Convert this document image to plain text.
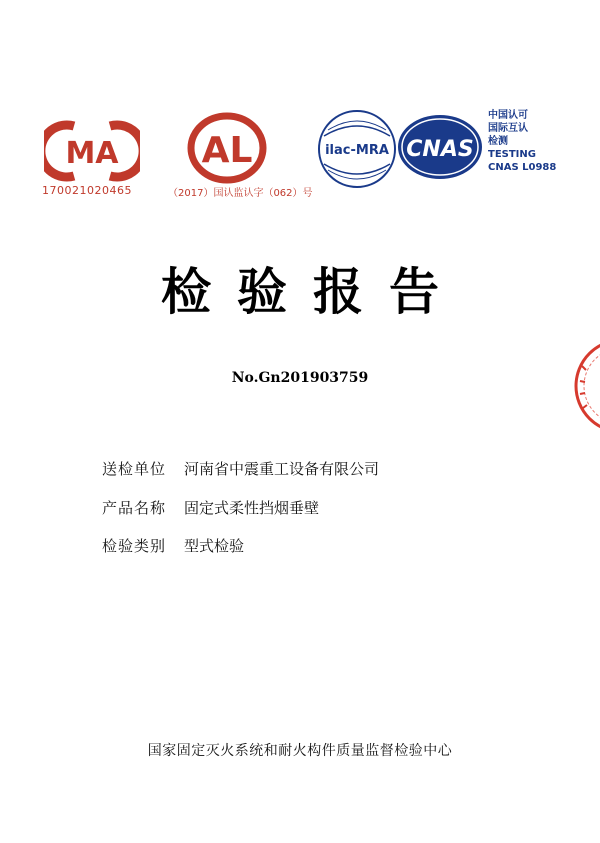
MA
170021020465
AL
（2017）国认监认字（062）号
ilac-MRA CNAS
中国认可
国际互认
检测
TESTING
CNAS L0988
检验报告
No.Gn201903759
送检单位 河南省中震重工设备有限公司
产品名称 固定式柔性挡烟垂壁
检验类别 型式检验
国家固定灭火系统和耐火构件质量监督检验中心
